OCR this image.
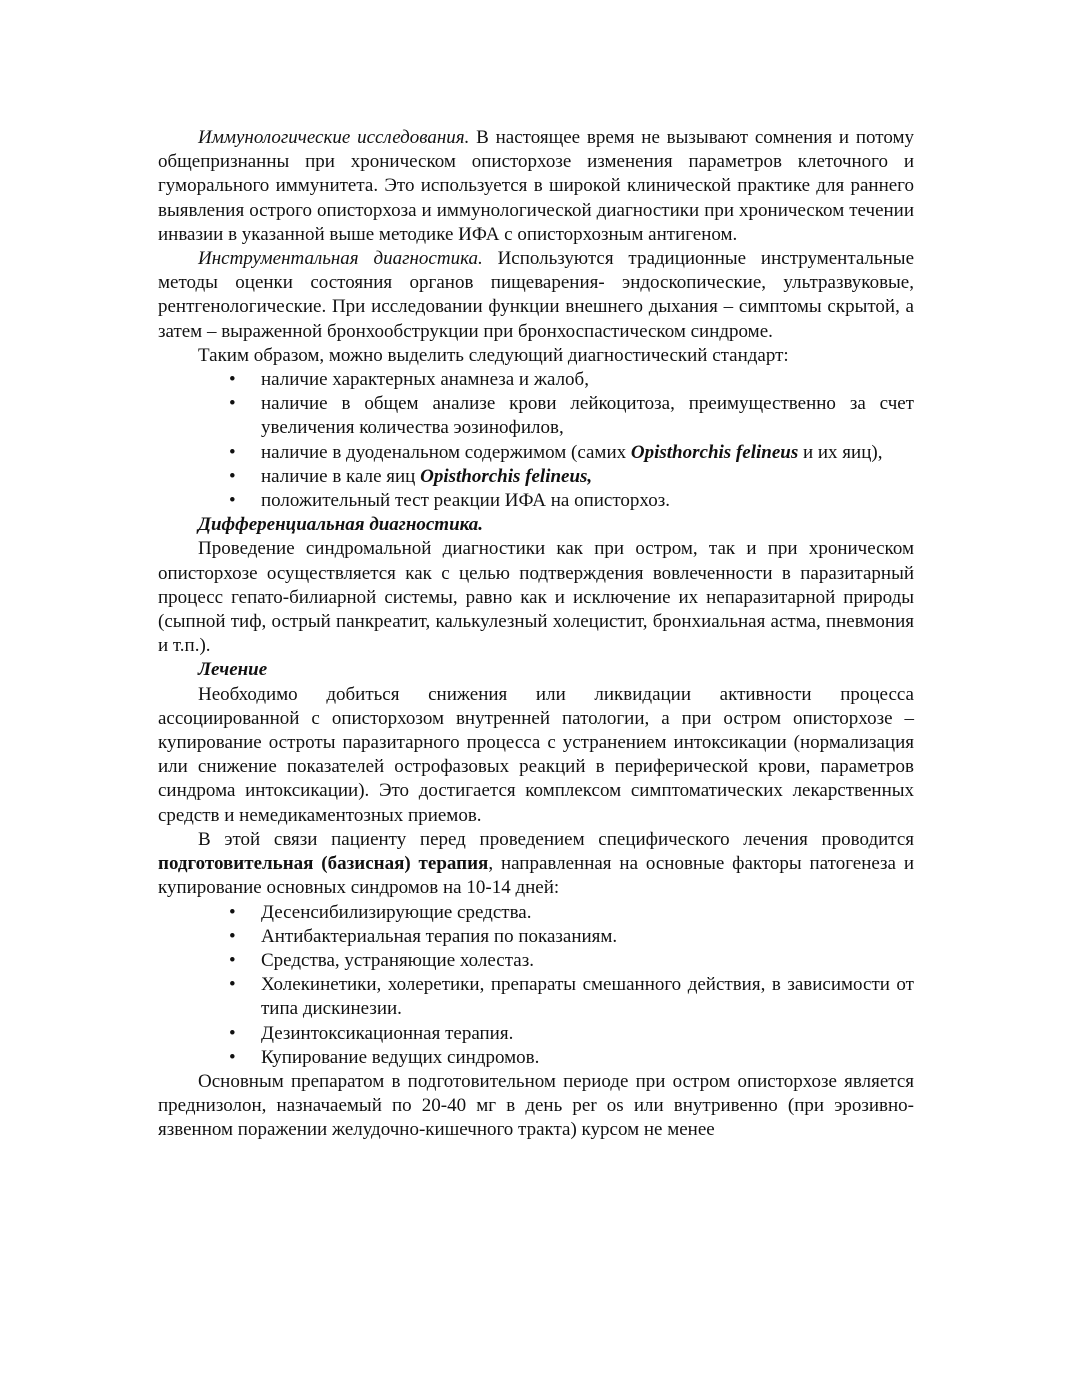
Иммунологические исследования. В настоящее время не вызывают сомнения и потому общепризнанны при хроническом описторхозе изменения параметров клеточного и гуморального иммунитета. Это используется в широкой клинической практике для раннего выявления острого описторхоза и иммунологической диагностики при хроническом течении инвазии в указанной выше методике ИФА с описторхозным антигеном.

Инструментальная диагностика. Используются традиционные инструментальные методы оценки состояния органов пищеварения- эндоскопические, ультразвуковые, рентгенологические. При исследовании функции внешнего дыхания – симптомы скрытой, а затем – выраженной бронхообструкции при бронхоспастическом синдроме.

Таким образом, можно выделить следующий диагностический стандарт:

• наличие характерных анамнеза и жалоб,
• наличие в общем анализе крови лейкоцитоза, преимущественно за счет увеличения количества эозинофилов,
• наличие в дуоденальном содержимом (самих Opisthorchis felineus и их яиц),
• наличие в кале яиц Opisthorchis felineus,
• положительный тест реакции ИФА на описторхоз.
Дифференциальная диагностика.

Проведение синдромальной диагностики как при остром, так и при хроническом описторхозе осуществляется как с целью подтверждения вовлеченности в паразитарный процесс гепато-билиарной системы, равно как и исключение их непаразитарной природы (сыпной тиф, острый панкреатит, калькулезный холецистит, бронхиальная астма, пневмония и т.п.).

Лечение

Необходимо добиться снижения или ликвидации активности процесса ассоциированной с описторхозом внутренней патологии, а при остром описторхозе – купирование остроты паразитарного процесса с устранением интоксикации (нормализация или снижение показателей острофазовых реакций в периферической крови, параметров синдрома интоксикации). Это достигается комплексом симптоматических лекарственных средств и немедикаментозных приемов.

В этой связи пациенту перед проведением специфического лечения проводится подготовительная (базисная) терапия, направленная на основные факторы патогенеза и купирование основных синдромов на 10-14 дней:

• Десенсибилизирующие средства.
• Антибактериальная терапия по показаниям.
• Средства, устраняющие холестаз.
• Холекинетики, холеретики, препараты смешанного действия, в зависимости от типа дискинезии.
• Дезинтоксикационная терапия.
• Купирование ведущих синдромов.

Основным препаратом в подготовительном периоде при остром описторхозе является преднизолон, назначаемый по 20-40 мг в день per os или внутривенно (при эрозивно-язвенном поражении желудочно-кишечного тракта) курсом не менее
